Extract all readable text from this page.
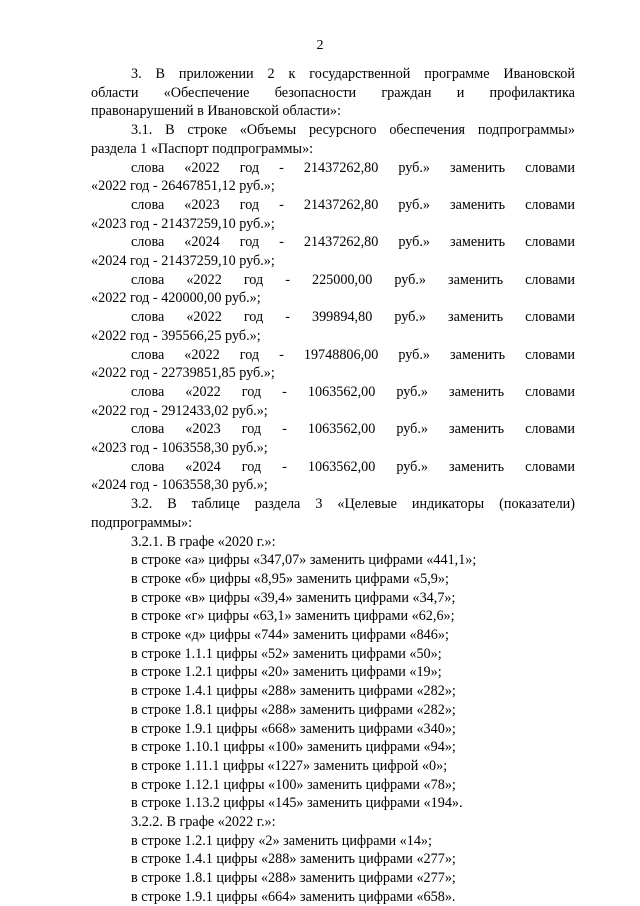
2
3. В приложении 2 к государственной программе Ивановской
области «Обеспечение безопасности граждан и профилактика
правонарушений в Ивановской области»:
3.1. В строке «Объемы ресурсного обеспечения подпрограммы»
раздела 1 «Паспорт подпрограммы»:
слова «2022 год - 21437262,80 руб.» заменить словами
«2022 год - 26467851,12 руб.»;
слова «2023 год - 21437262,80 руб.» заменить словами
«2023 год - 21437259,10 руб.»;
слова «2024 год - 21437262,80 руб.» заменить словами
«2024 год - 21437259,10 руб.»;
слова «2022 год - 225000,00 руб.» заменить словами
«2022 год - 420000,00 руб.»;
слова «2022 год - 399894,80 руб.» заменить словами
«2022 год - 395566,25 руб.»;
слова «2022 год - 19748806,00 руб.» заменить словами
«2022 год - 22739851,85 руб.»;
слова «2022 год - 1063562,00 руб.» заменить словами
«2022 год - 2912433,02 руб.»;
слова «2023 год - 1063562,00 руб.» заменить словами
«2023 год - 1063558,30 руб.»;
слова «2024 год - 1063562,00 руб.» заменить словами
«2024 год - 1063558,30 руб.»;
3.2. В таблице раздела 3 «Целевые индикаторы (показатели)
подпрограммы»:
3.2.1. В графе «2020 г.»:
в строке «а» цифры «347,07» заменить цифрами «441,1»;
в строке «б» цифры «8,95» заменить цифрами «5,9»;
в строке «в» цифры «39,4» заменить цифрами «34,7»;
в строке «г» цифры «63,1» заменить цифрами «62,6»;
в строке «д» цифры «744» заменить цифрами «846»;
в строке 1.1.1 цифры «52» заменить цифрами «50»;
в строке 1.2.1 цифры «20» заменить цифрами «19»;
в строке 1.4.1 цифры «288» заменить цифрами «282»;
в строке 1.8.1 цифры «288» заменить цифрами «282»;
в строке 1.9.1 цифры «668» заменить цифрами «340»;
в строке 1.10.1 цифры «100» заменить цифрами «94»;
в строке 1.11.1 цифры «1227» заменить цифрой «0»;
в строке 1.12.1 цифры «100» заменить цифрами «78»;
в строке 1.13.2 цифры «145» заменить цифрами «194».
3.2.2. В графе «2022 г.»:
в строке 1.2.1 цифру «2» заменить цифрами «14»;
в строке 1.4.1 цифры «288» заменить цифрами «277»;
в строке 1.8.1 цифры «288» заменить цифрами «277»;
в строке 1.9.1 цифры «664» заменить цифрами «658».
